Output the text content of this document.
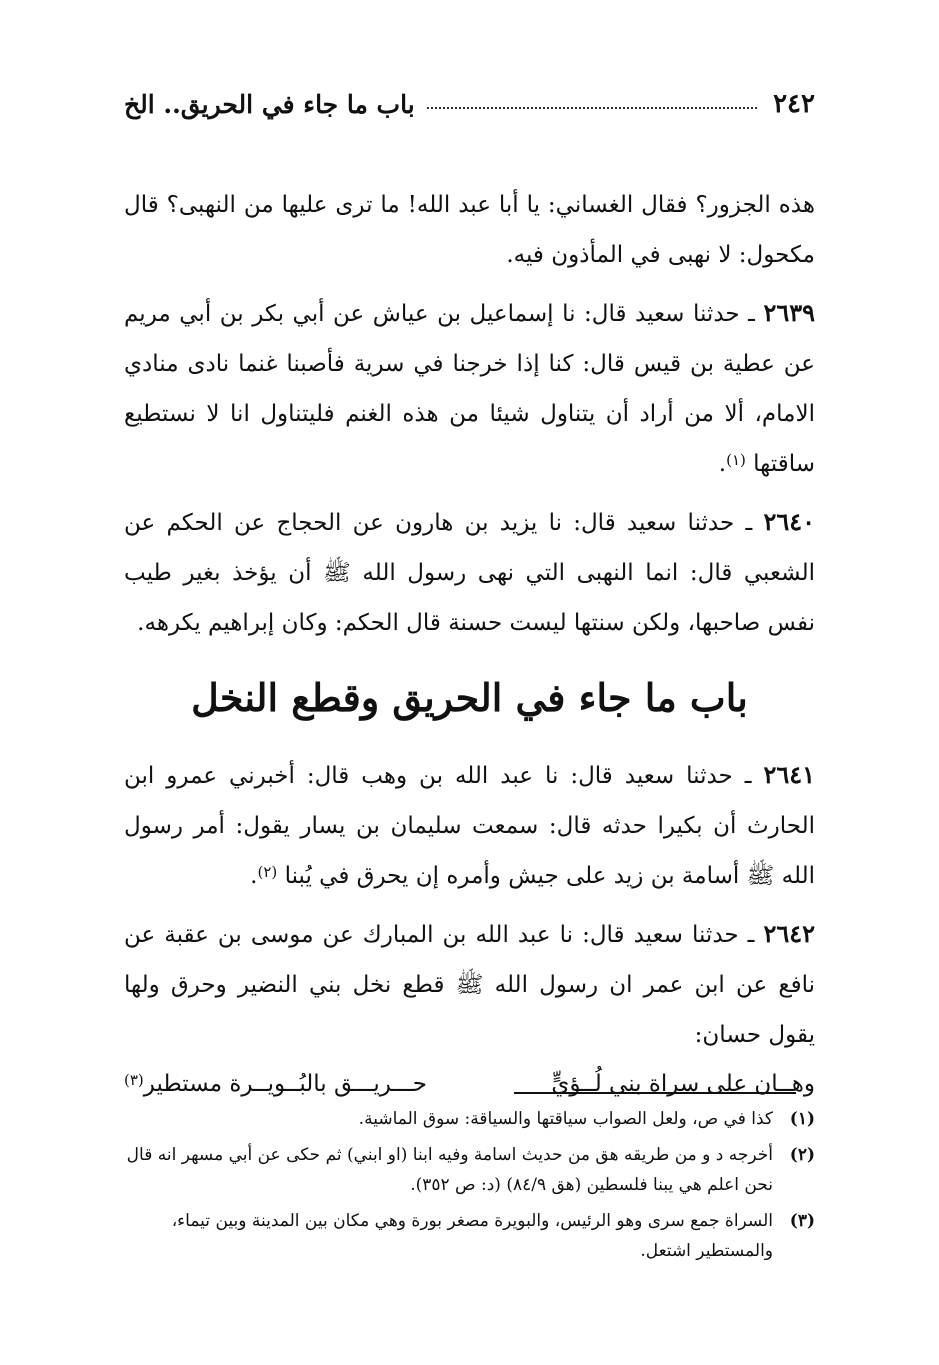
٢٤٢
باب ما جاء في الحريق.. الخ

هذه الجزور؟ فقال الغساني: يا أبا عبد الله! ما ترى عليها من النهبى؟ قال مكحول: لا نهبى في المأذون فيه.

٢٦٣٩ ـ حدثنا سعيد قال: نا إسماعيل بن عياش عن أبي بكر بن أبي مريم عن عطية بن قيس قال: كنا إذا خرجنا في سرية فأصبنا غنما نادى منادي الامام، ألا من أراد أن يتناول شيئا من هذه الغنم فليتناول انا لا نستطيع ساقتها $^{(١)}$.

٢٦٤٠ ـ حدثنا سعيد قال: نا يزيد بن هارون عن الحجاج عن الحكم عن الشعبي قال: انما النهبى التي نهى رسول الله ﷺ أن يؤخذ بغير طيب نفس صاحبها، ولكن سنتها ليست حسنة قال الحكم: وكان إبراهيم يكرهه.

باب ما جاء في الحريق وقطع النخل

٢٦٤١ ـ حدثنا سعيد قال: نا عبد الله بن وهب قال: أخبرني عمرو ابن الحارث أن بكيرا حدثه قال: سمعت سليمان بن يسار يقول: أمر رسول الله ﷺ أسامة بن زيد على جيش وأمره إن يحرق في يُبنا $^{(٢)}$.

٢٦٤٢ ـ حدثنا سعيد قال: نا عبد الله بن المبارك عن موسى بن عقبة عن نافع عن ابن عمر ان رسول الله ﷺ قطع نخل بني النضير وحرق ولها يقول حسان:

وهــان على سراة بني لُــؤيٍّ
حـــريـــق بالبُــويــرة مستطير$^{(٣)}$
(١)
كذا في ص، ولعل الصواب سياقتها والسياقة: سوق الماشية.
(٢)
أخرجه د و من طريقه هق من حديث اسامة وفيه ابنا (او ابني) ثم حكى عن أبي مسهر انه قال نحن اعلم هي يبنا فلسطين (هق ٨٤/٩) (د: ص ٣٥٢).
(٣)
السراة جمع سرى وهو الرئيس، والبويرة مصغر بورة وهي مكان بين المدينة وبين تيماء، والمستطير اشتعل.
